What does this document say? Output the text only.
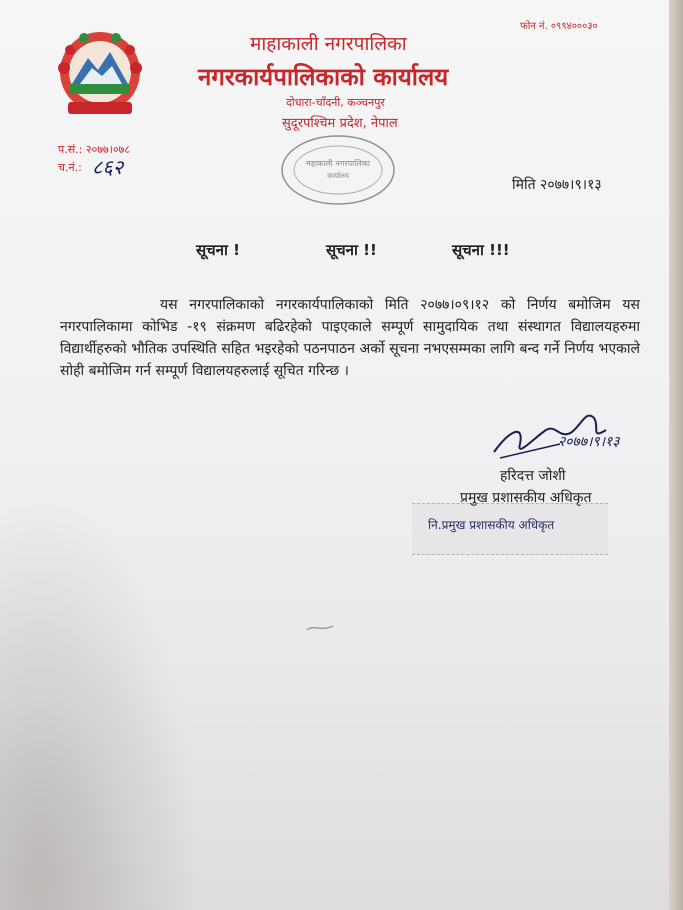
फोन नं. ०९९४०००३०
माहाकाली नगरपालिका
नगरकार्यपालिकाको कार्यालय
दोधारा-चाँदनी, कञ्चनपुर
सुदूरपश्चिम प्रदेश, नेपाल
महाकाली नगरपालिका
कार्यालय
प.सं.: २०७७।०७८
च.नं.: ८६२
मिति २०७७।९।१३
सूचना !	सूचना !!	सूचना !!!
यस नगरपालिकाको नगरकार्यपालिकाको मिति २०७७।०९।१२ को निर्णय बमोजिम यस नगरपालिकामा कोभिड -१९ संक्रमण बढिरहेको पाइएकाले सम्पूर्ण सामुदायिक तथा संस्थागत विद्यालयहरुमा विद्यार्थीहरुको भौतिक उपस्थिति सहित भइरहेको पठनपाठन अर्को सूचना नभएसम्मका लागि बन्द गर्ने निर्णय भएकाले सोही बमोजिम गर्न सम्पूर्ण विद्यालयहरुलाई सूचित गरिन्छ ।
२०७७।९।१३
हरिदत्त जोशी
प्रमुख प्रशासकीय अधिकृत
नि.प्रमुख प्रशासकीय अधिकृत
